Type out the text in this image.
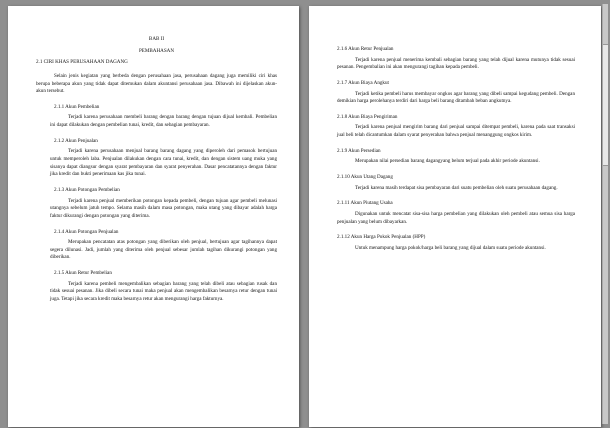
BAB II
PEMBAHASAN
2.1 CIRI KHAS PERUSAHAAN DAGANG
Selain jenis kegiatan yang berbeda dengan perusahaan jasa, perusahaan dagang juga memiliki ciri khas berupa beberapa akun yang tidak dapat ditemukan dalam akuntansi perusahaan jasa. Dibawah ini dijelaskan akun-akun tersebut.
2.1.1 Akun Pembelian
Terjadi karena perusahaan membeli barang dengan barang dengan tujuan dijual kembali. Pembelian ini dapat dilakukan dengan pembelian tunai, kredit, dan sebagian pembayaran.
2.1.2 Akun Penjualan
Terjadi karena perusahaan menjual barang barang dagang yang diperoleh dari pemasok bertujuan untuk memperoleh laba. Penjualan dilakukan dengan cara tunai, kredit, dan dengan sistem uang muka yang sisanya dapat diangsur dengan syarat pembayaran dan syarat penyerahan. Dasar pencatatannya dengan faktur jika kredit dan bukti penerimaan kas jika tunai.
2.1.3 Akun Potongan Pembelian
Terjadi karena penjual memberikan potongan kepada pembeli, dengan tujuan agar pembeli melunasi utangnya sebelum jatuh tempo. Selama masih dalam masa potongan, maka utang yang dibayar adalah harga faktur dikurangi dengan potongan yang diterima.
2.1.4 Akun Potongan Penjualan
Merupakan pencatatan atas potongan yang diberikan oleh penjual, bertujuan agar tagihannya dapat segera dilunasi. Jadi, jumlah yang diterima oleh penjual sebesar jumlah tagihan dikurangi potongan yang diberikan.
2.1.5 Akun Retur Pembelian
Terjadi karena pembeli mengembalikan sebagian barang yang telah dibeli atau sebagian rusak dan tidak sesuai pesanan. Jika dibeli secara tunai maka penjual akan mengembalikan besarnya retur dengan tunai juga. Tetapi jika secara kredit maka besarnya retur akan mengurangi harga fakturnya.
2.1.6 Akun Retur Penjualan
Terjadi karena penjual menerima kembali sebagian barang yang telah dijual karena mutunya tidak sesuai pesanan. Pengembalian ini akan mengurangi tagihan kepada pembeli.
2.1.7 Akun Biaya Angkut
Terjadi ketika pembeli harus membayar ongkos agar barang yang dibeli sampai kegudang pembeli. Dengan demikian harga perolehanya terdiri dari harga beli barang ditambah beban angkutnya.
2.1.8 Akun Biaya Pengiriman
Terjadi karena penjual mengirim barang dari penjual sampai ditempat pembeli, karena pada saat transaksi jual beli telah dicantumkan dalam syarat penyerahan bahwa penjual menanggung ongkos kirim.
2.1.9 Akun Persedian
Merupakan nilai persedian barang dagangyang belum terjual pada akhir periode akuntansi.
2.1.10 Akun Utang Dagang
Terjadi karena masih terdapat sisa pembayaran dari suatu pembelian oleh suatu perusahaan dagang.
2.1.11 Akun Piutang Usaha
Digunakan untuk mencatat sisa-sisa harga pembelian yang dilakukan oleh pembeli atau semua sisa harga penjualan yang belum dibayarkan.
2.1.12 Akun Harga Pokok Penjualan (HPP)
Untuk menampung harga pokok/harga beli barang yang dijual dalam suatu periode akuntansi.
